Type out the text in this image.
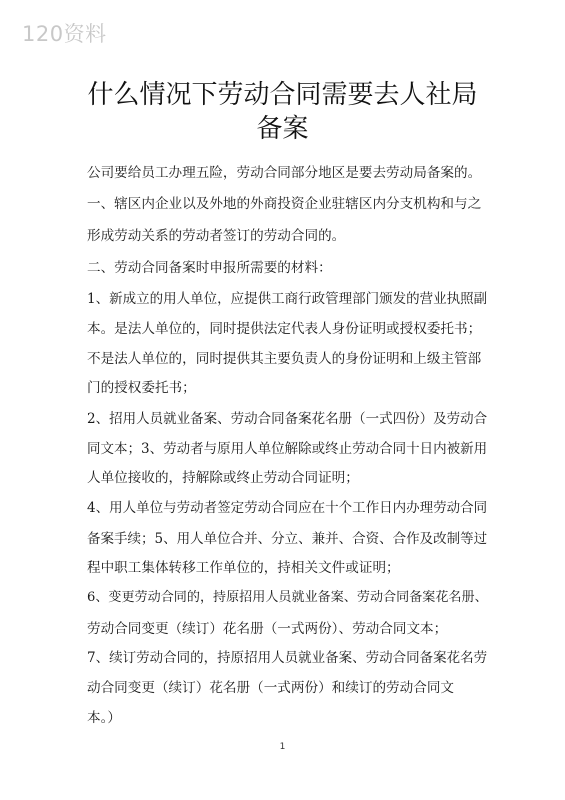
120资料
什么情况下劳动合同需要去人社局
备案
公司要给员工办理五险，劳动合同部分地区是要去劳动局备案的。
一、辖区内企业以及外地的外商投资企业驻辖区内分支机构和与之
形成劳动关系的劳动者签订的劳动合同的。
二、劳动合同备案时申报所需要的材料：
1、新成立的用人单位，应提供工商行政管理部门颁发的营业执照副
本。是法人单位的，同时提供法定代表人身份证明或授权委托书；
不是法人单位的，同时提供其主要负责人的身份证明和上级主管部
门的授权委托书；
2、招用人员就业备案、劳动合同备案花名册（一式四份）及劳动合
同文本；3、劳动者与原用人单位解除或终止劳动合同十日内被新用
人单位接收的，持解除或终止劳动合同证明；
4、用人单位与劳动者签定劳动合同应在十个工作日内办理劳动合同
备案手续；5、用人单位合并、分立、兼并、合资、合作及改制等过
程中职工集体转移工作单位的，持相关文件或证明；
6、变更劳动合同的，持原招用人员就业备案、劳动合同备案花名册、
劳动合同变更（续订）花名册（一式两份）、劳动合同文本；
7、续订劳动合同的，持原招用人员就业备案、劳动合同备案花名劳
动合同变更（续订）花名册（一式两份）和续订的劳动合同文
本。）
1
